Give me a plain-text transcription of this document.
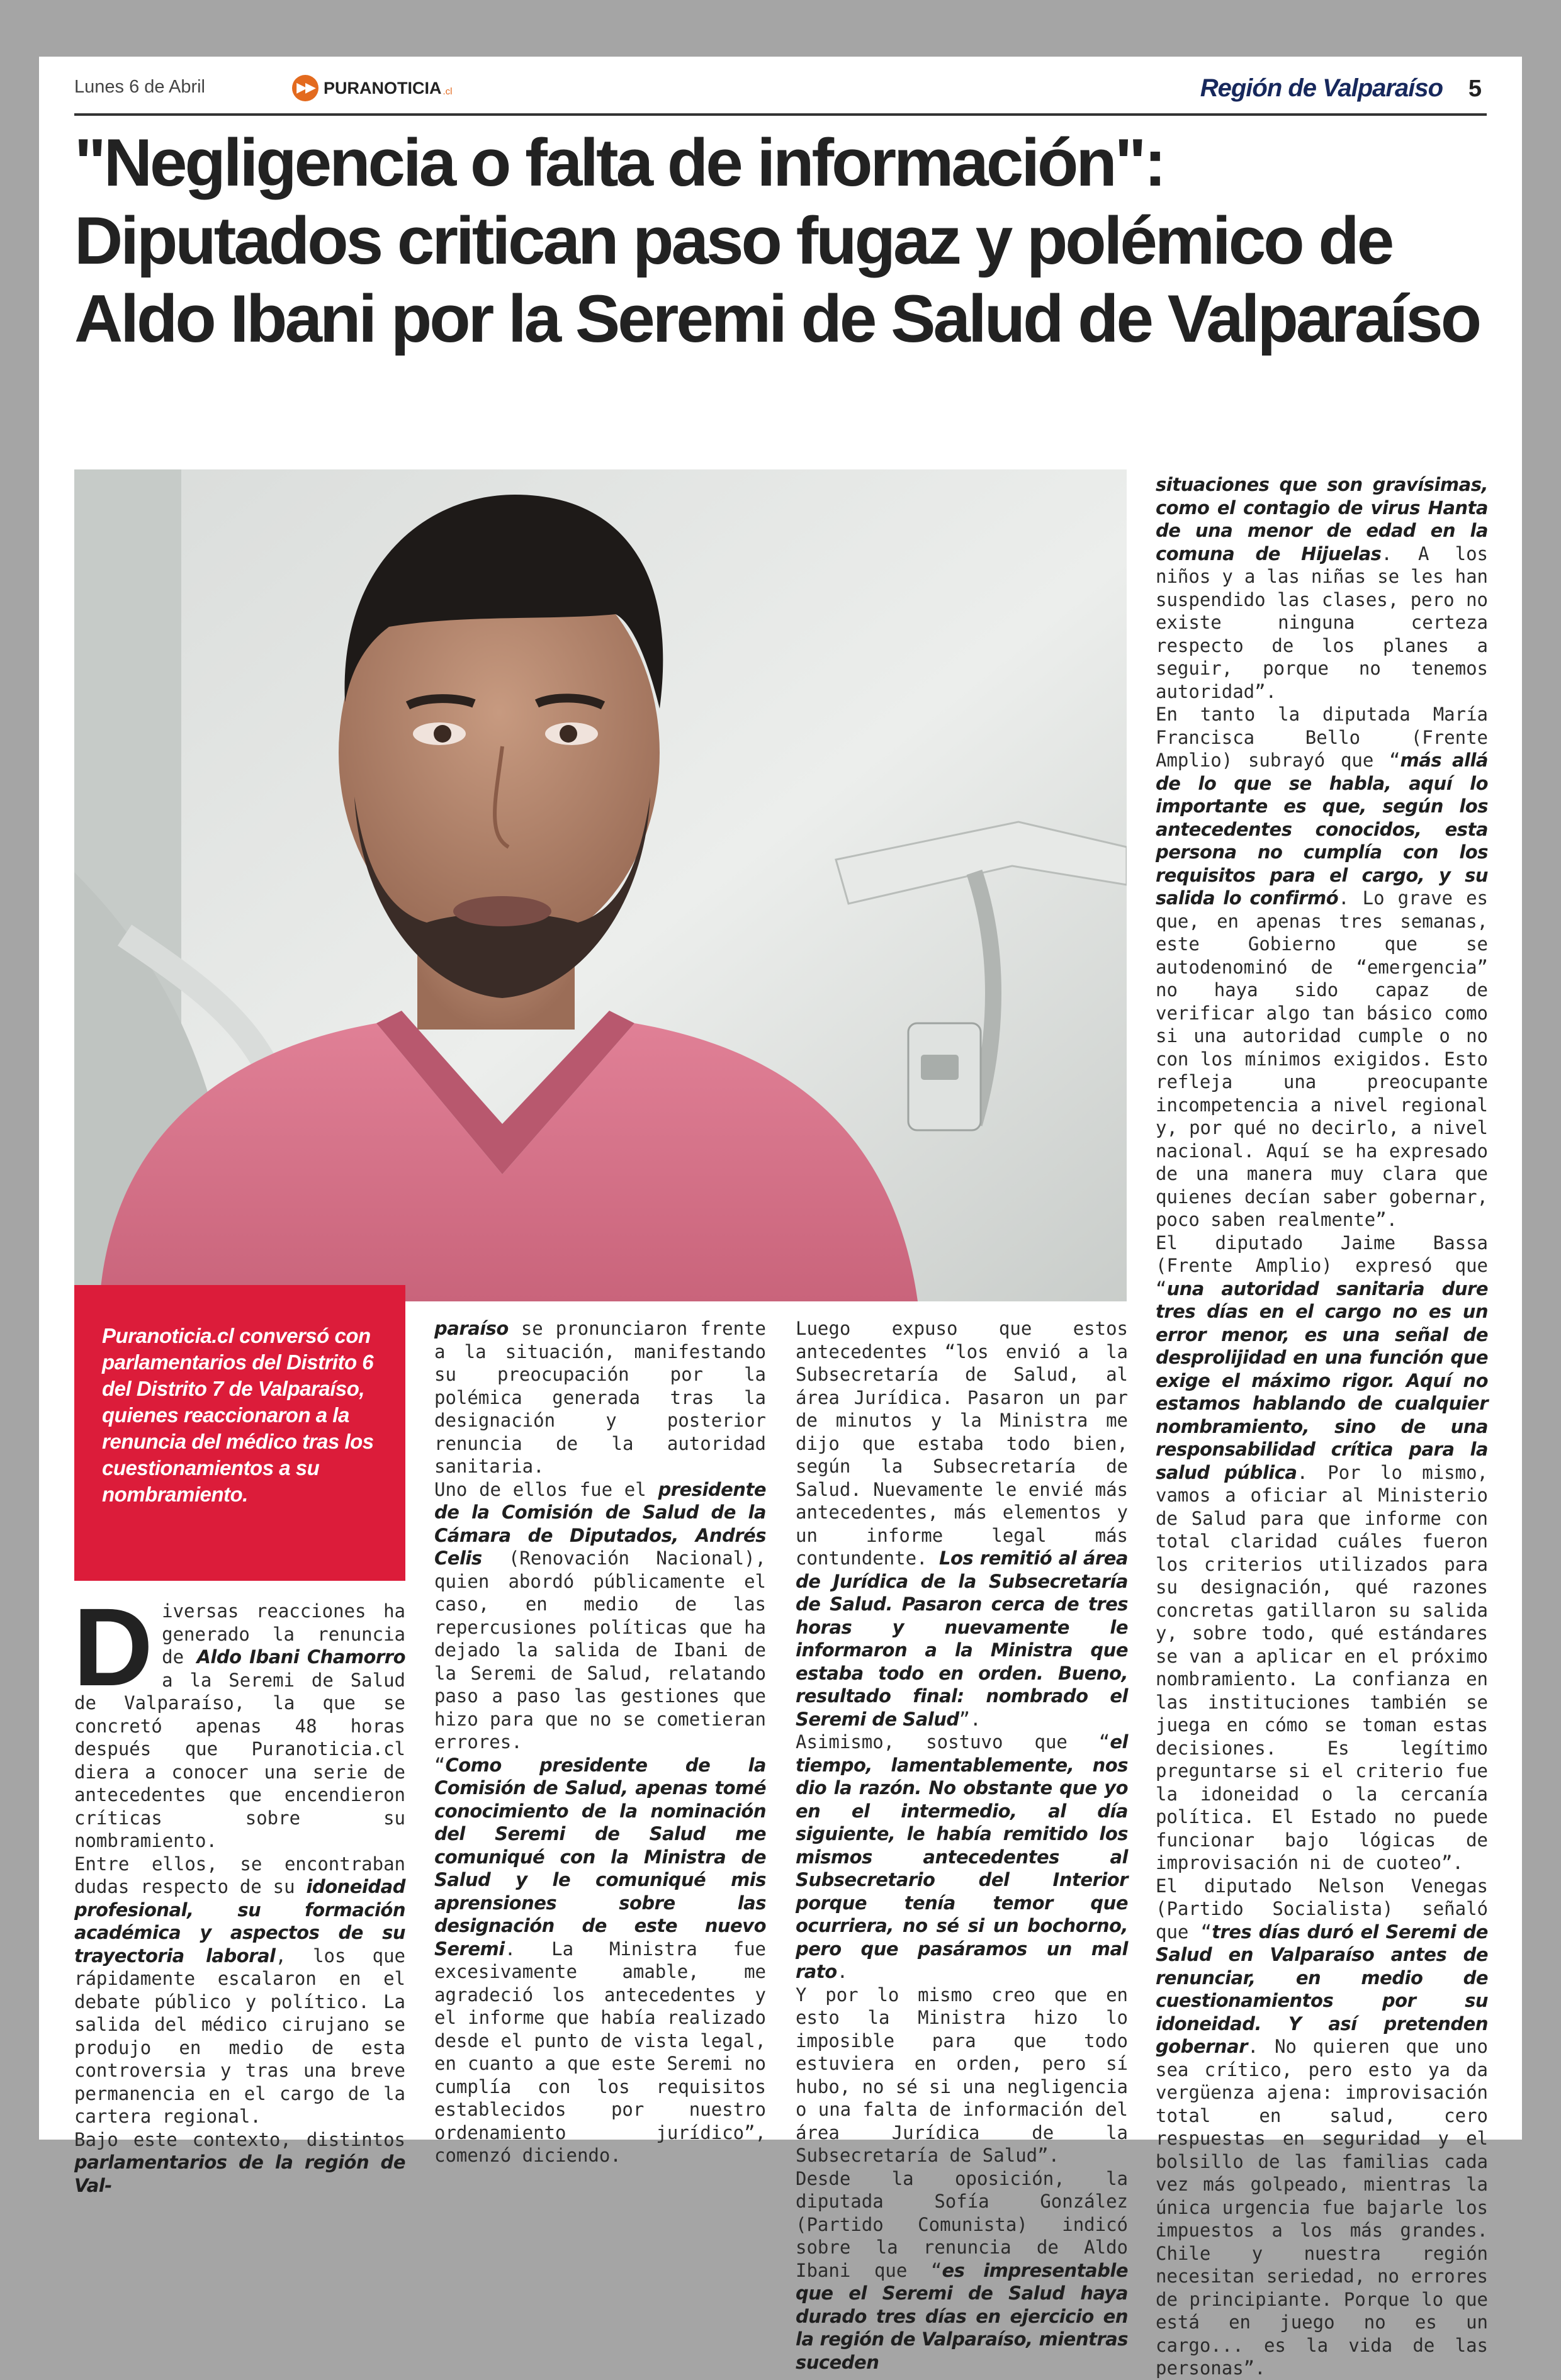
Lunes 6 de Abril	▶▶ PURANOTICIA .cl	Región de Valparaíso 5
"Negligencia o falta de información": Diputados critican paso fugaz y polémico de Aldo Ibani por la Seremi de Salud de Valparaíso

Puranoticia.cl conversó con parlamentarios del Distrito 6 del Distrito 7 de Valparaíso, quienes reaccionaron a la renuncia del médico tras los cuestionamientos a su nombramiento.

Diversas reacciones ha generado la renuncia de Aldo Ibani Chamorro a la Seremi de Salud de Valparaíso, la que se concretó apenas 48 horas después que Puranoticia.cl diera a conocer una serie de antecedentes que encendieron críticas sobre su nombramiento.

Entre ellos, se encontraban dudas respecto de su idoneidad profesional, su formación académica y aspectos de su trayectoria laboral, los que rápidamente escalaron en el debate público y político. La salida del médico cirujano se produjo en medio de esta controversia y tras una breve permanencia en el cargo de la cartera regional.

Bajo este contexto, distintos parlamentarios de la región de Val-

paraíso se pronunciaron frente a la situación, manifestando su preocupación por la polémica generada tras la designación y posterior renuncia de la autoridad sanitaria.

Uno de ellos fue el presidente de la Comisión de Salud de la Cámara de Diputados, Andrés Celis (Renovación Nacional), quien abordó públicamente el caso, en medio de las repercusiones políticas que ha dejado la salida de Ibani de la Seremi de Salud, relatando paso a paso las gestiones que hizo para que no se cometieran errores.

“Como presidente de la Comisión de Salud, apenas tomé conocimiento de la nominación del Seremi de Salud me comuniqué con la Ministra de Salud y le comuniqué mis aprensiones sobre las designación de este nuevo Seremi. La Ministra fue excesivamente amable, me agradeció los antecedentes y el informe que había realizado desde el punto de vista legal, en cuanto a que este Seremi no cumplía con los requisitos establecidos por nuestro ordenamiento jurídico”, comenzó diciendo.

Luego expuso que estos antecedentes “los envió a la Subsecretaría de Salud, al área Jurídica. Pasaron un par de minutos y la Ministra me dijo que estaba todo bien, según la Subsecretaría de Salud. Nuevamente le envié más antecedentes, más elementos y un informe legal más contundente. Los remitió al área de Jurídica de la Subsecretaría de Salud. Pasaron cerca de tres horas y nuevamente le informaron a la Ministra que estaba todo en orden. Bueno, resultado final: nombrado el Seremi de Salud”.

Asimismo, sostuvo que “el tiempo, lamentablemente, nos dio la razón. No obstante que yo en el intermedio, al día siguiente, le había remitido los mismos antecedentes al Subsecretario del Interior porque tenía temor que ocurriera, no sé si un bochorno, pero que pasáramos un mal rato.

Y por lo mismo creo que en esto la Ministra hizo lo imposible para que todo estuviera en orden, pero sí hubo, no sé si una negligencia o una falta de información del área Jurídica de la Subsecretaría de Salud”.

Desde la oposición, la diputada Sofía González (Partido Comunista) indicó sobre la renuncia de Aldo Ibani que “es impresentable que el Seremi de Salud haya durado tres días en ejercicio en la región de Valparaíso, mientras suceden

situaciones que son gravísimas, como el contagio de virus Hanta de una menor de edad en la comuna de Hijuelas. A los niños y a las niñas se les han suspendido las clases, pero no existe ninguna certeza respecto de los planes a seguir, porque no tenemos autoridad”.

En tanto la diputada María Francisca Bello (Frente Amplio) subrayó que “más allá de lo que se habla, aquí lo importante es que, según los antecedentes conocidos, esta persona no cumplía con los requisitos para el cargo, y su salida lo confirmó. Lo grave es que, en apenas tres semanas, este Gobierno que se autodenominó de “emergencia” no haya sido capaz de verificar algo tan básico como si una autoridad cumple o no con los mínimos exigidos. Esto refleja una preocupante incompetencia a nivel regional y, por qué no decirlo, a nivel nacional. Aquí se ha expresado de una manera muy clara que quienes decían saber gobernar, poco saben realmente”.

El diputado Jaime Bassa (Frente Amplio) expresó que “una autoridad sanitaria dure tres días en el cargo no es un error menor, es una señal de desprolijidad en una función que exige el máximo rigor. Aquí no estamos hablando de cualquier nombramiento, sino de una responsabilidad crítica para la salud pública. Por lo mismo, vamos a oficiar al Ministerio de Salud para que informe con total claridad cuáles fueron los criterios utilizados para su designación, qué razones concretas gatillaron su salida y, sobre todo, qué estándares se van a aplicar en el próximo nombramiento. La confianza en las instituciones también se juega en cómo se toman estas decisiones. Es legítimo preguntarse si el criterio fue la idoneidad o la cercanía política. El Estado no puede funcionar bajo lógicas de improvisación ni de cuoteo”.

El diputado Nelson Venegas (Partido Socialista) señaló que “tres días duró el Seremi de Salud en Valparaíso antes de renunciar, en medio de cuestionamientos por su idoneidad. Y así pretenden gobernar. No quieren que uno sea crítico, pero esto ya da vergüenza ajena: improvisación total en salud, cero respuestas en seguridad y el bolsillo de las familias cada vez más golpeado, mientras la única urgencia fue bajarle los impuestos a los más grandes. Chile y nuestra región necesitan seriedad, no errores de principiante. Porque lo que está en juego no es un cargo... es la vida de las personas”.
